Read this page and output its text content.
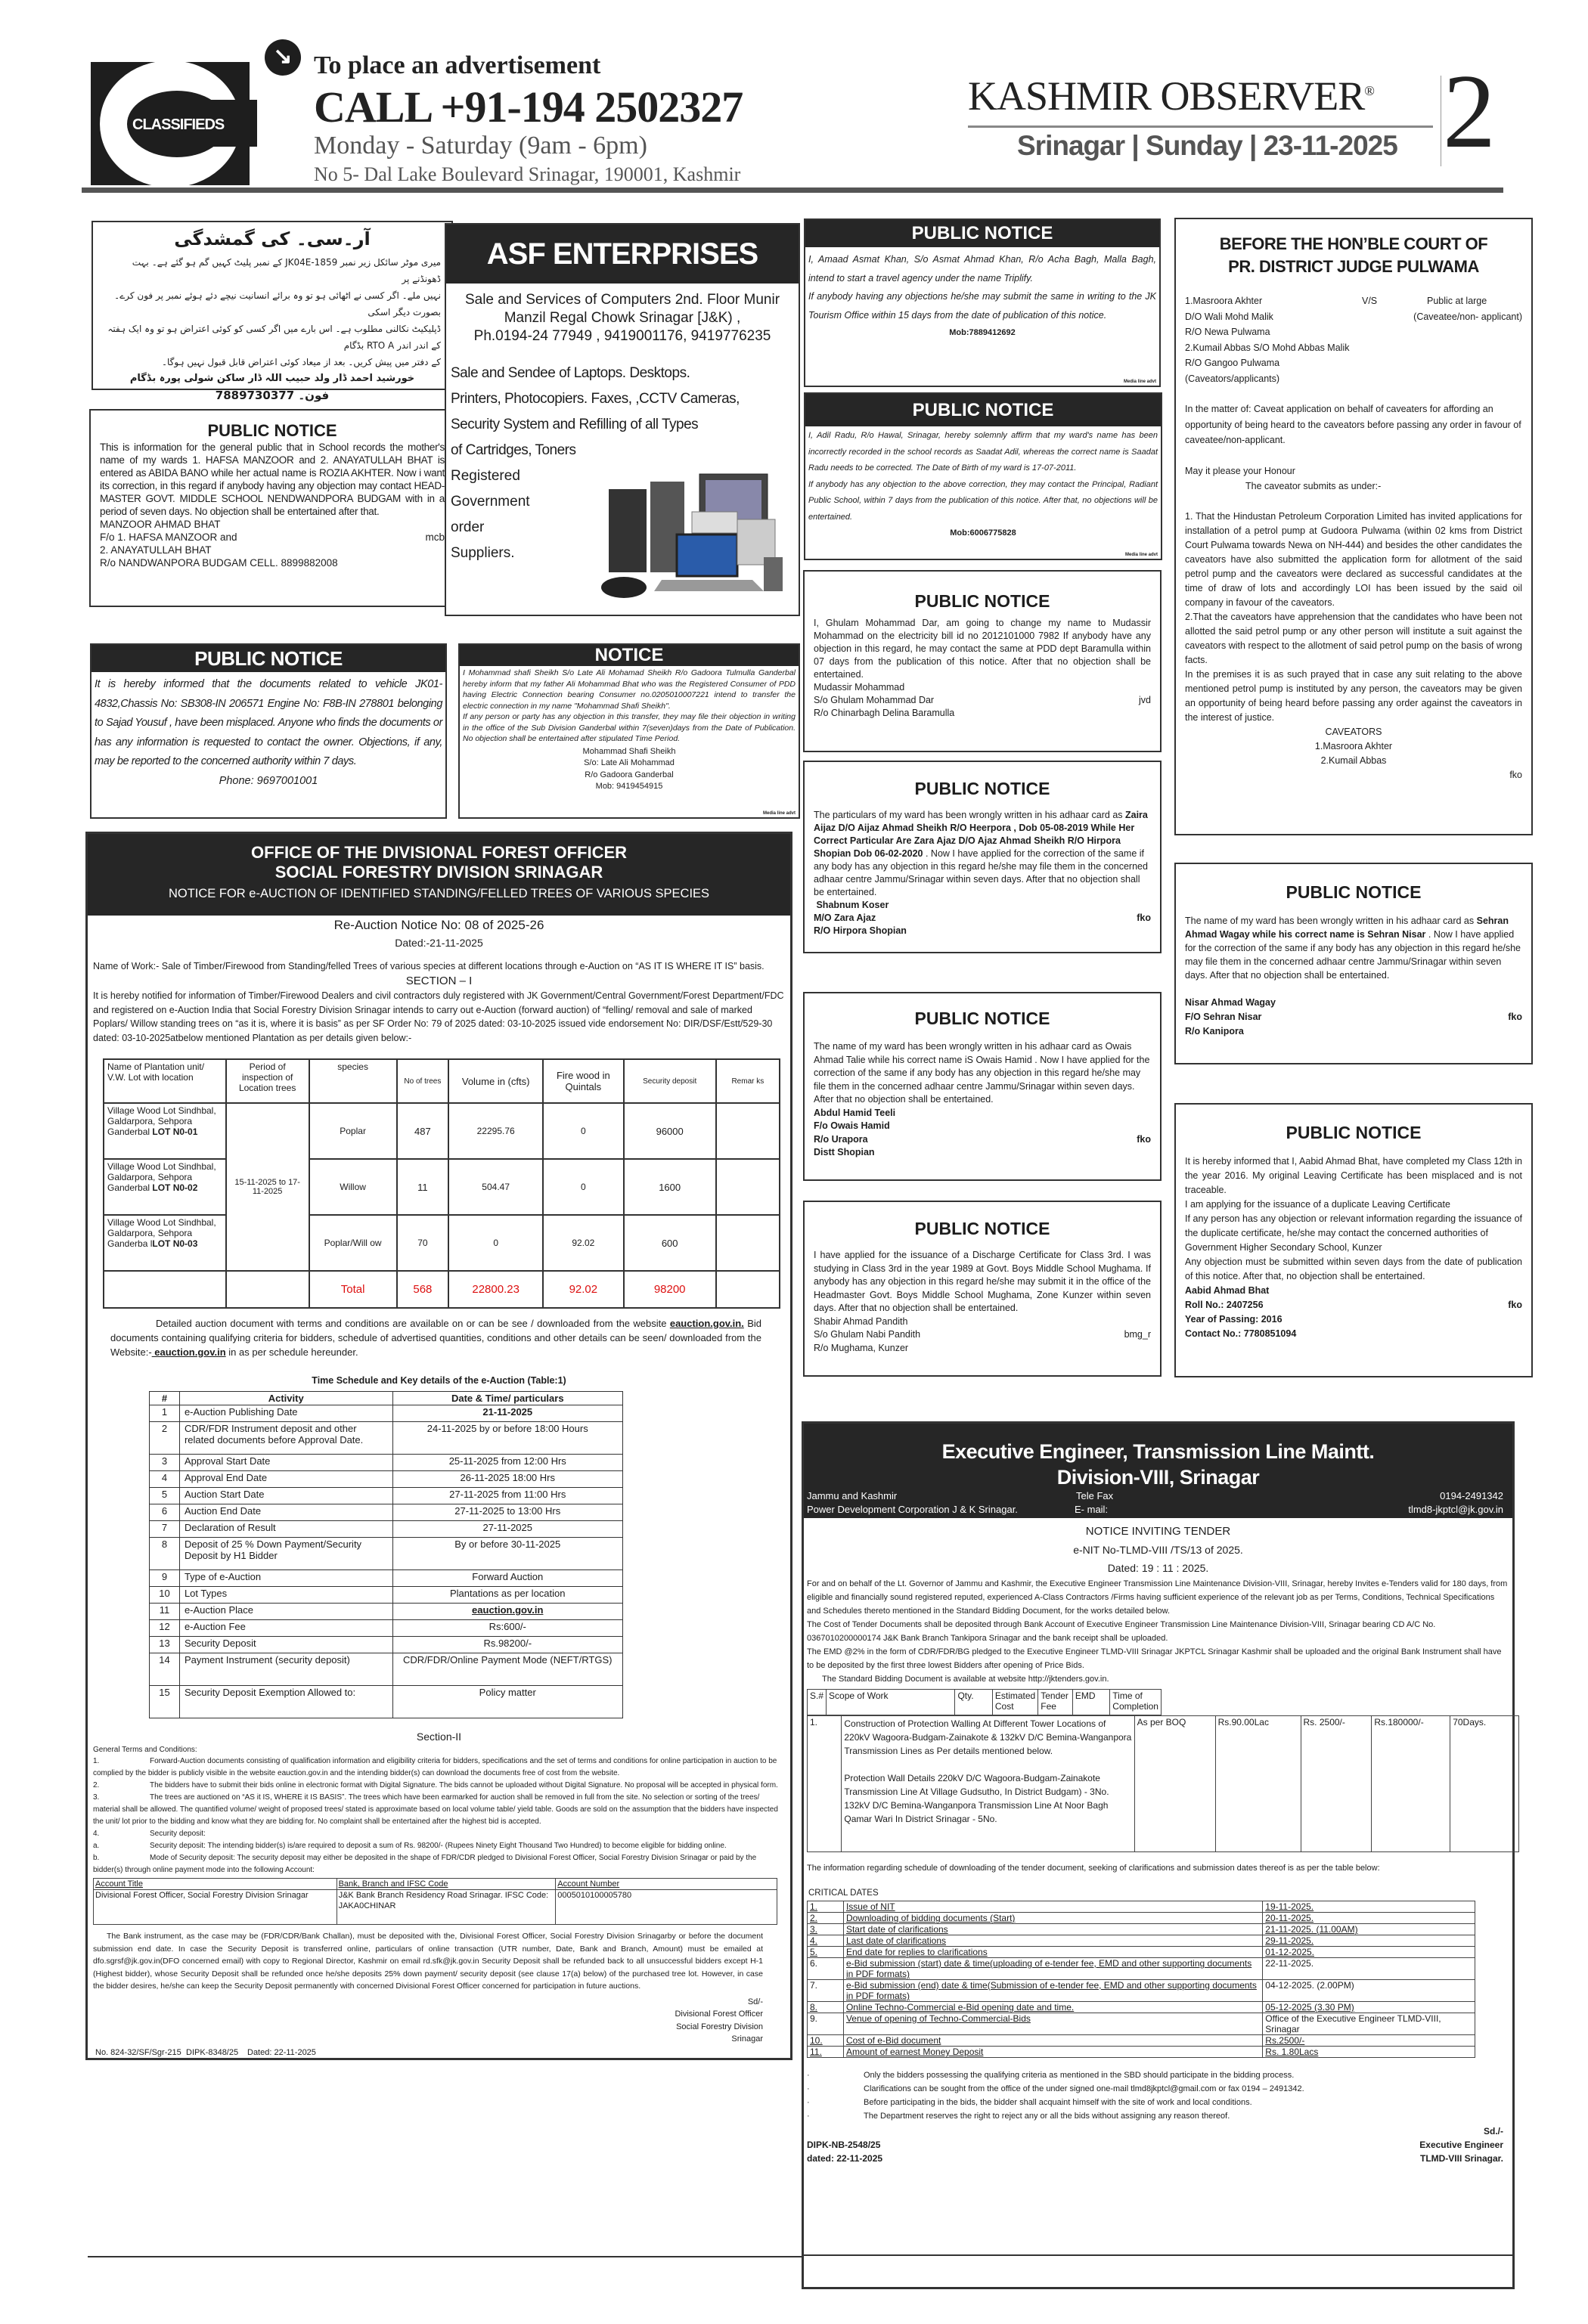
CLASSIFIEDS
↘ To place an advertisement
CALL +91-194 2502327
Monday - Saturday (9am - 6pm)
No 5- Dal Lake Boulevard Srinagar, 190001, Kashmir
KASHMIR OBSERVER®
Srinagar | Sunday | 23-11-2025 2
آر۔سی۔ کی گمشدگی
میری موٹر سائکل زیر نمبر JK04E-1859 کے نمبر پلیٹ کہیں گم ہو گئے ہے۔ بہت ڈھونڈنے پر
نہیں ملے۔ اگر کسی نے اٹھائی ہو تو وہ برائے انسانیت نیچے دئے ہوئے نمبر پر فون کرے۔ بصورت دیگر اسکی
ڈپلیکیٹ نکالنی مطلوب ہے۔ اس بارے میں اگر کسی کو کوئی اعتراض ہو تو وہ ایک ہفتہ کے اندر اندر RTO A بڈگام
کے دفتر میں پیش کریں۔ بعد از میعاد کوئی اعتراض قابل قبول نہیں ہوگا۔
خورشید احمد ڈار ولد حبیب اللہ ڈار ساکن شولی پورہ بڈگام
فون۔ 7889730377
PUBLIC NOTICE
This is information for the general public that in School records the mother's name of my wards 1. HAFSA MANZOOR and 2. ANAYATULLAH BHAT is entered as ABIDA BANO while her actual name is ROZIA AKHTER. Now i want its correction, in this regard if anybody having any objection may contact HEAD-MASTER GOVT. MIDDLE SCHOOL NENDWANDPORA BUDGAM with in a period of seven days. No objection shall be entertained after that.
MANZOOR AHMAD BHAT
F/o 1. HAFSA MANZOOR and	mcb
2. ANAYATULLAH BHAT
R/o NANDWANPORA BUDGAM CELL. 8899882008
ASF ENTERPRISES
Sale and Services of Computers 2nd. Floor Munir Manzil Regal Chowk Srinagar [J&K) ,
Ph.0194-24 77949 , 9419001176, 9419776235
Sale and Sendee of Laptops. Desktops.
Printers, Photocopiers. Faxes, ,CCTV Cameras,
Security System and Refilling of all Types
of Cartridges, Toners
Registered
Government
order
Suppliers.
PUBLIC NOTICE
It is hereby informed that the documents related to vehicle JK01-4832,Chassis No: SB308-IN 206571 Engine No: F8B-IN 278801 belonging to Sajad Yousuf , have been misplaced. Anyone who finds the documents or has any information is requested to contact the owner. Objections, if any, may be reported to the concerned authority within 7 days.
Phone: 9697001001
NOTICE
I Mohammad shafi Sheikh S/o Late Ali Mohamad Sheikh R/o Gadoora Tulmulla Ganderbal hereby inform that my father Ali Mohammad Bhat who was the Registered Consumer of PDD having Electric Connection bearing Consumer no.0205010007221 intend to transfer the electric connection in my name "Mohammad Shafi Sheikh".
If any person or party has any objection in this transfer, they may file their objection in writing in the office of the Sub Division Ganderbal within 7(seven)days from the Date of Publication. No objection shall be entertained after stipulated Time Period.
Mohammad Shafi Sheikh
S/o: Late Ali Mohammad
R/o Gadoora Ganderbal
Mob: 9419454915
Media line advt
OFFICE OF THE DIVISIONAL FOREST OFFICER
SOCIAL FORESTRY DIVISION SRINAGAR
NOTICE FOR e-AUCTION OF IDENTIFIED STANDING/FELLED TREES OF VARIOUS SPECIES
Re-Auction Notice No: 08 of 2025-26
Dated:-21-11-2025
Name of Work:- Sale of Timber/Firewood from Standing/felled Trees of various species at different locations through e-Auction on “AS IT IS WHERE IT IS” basis.
SECTION – I
It is hereby notified for information of Timber/Firewood Dealers and civil contractors duly registered with JK Government/Central Government/Forest Department/FDC and registered on e-Auction India that Social Forestry Division Srinagar intends to carry out e-Auction (forward auction) of “felling/ removal and sale of marked Poplars/ Willow standing trees on “as it is, where it is basis” as per SF Order No: 79 of 2025 dated: 03-10-2025 issued vide endorsement No: DIR/DSF/Estt/529-30 dated: 03-10-2025atbelow mentioned Plantation as per details given below:-
Name of Plantation unit/ V.W. Lot with location	Period of inspection of Location trees	species	No of trees	Volume in (cfts)	Fire wood in Quintals	Security deposit	Remar ks
Village Wood Lot Sindhbal, Galdarpora, Sehpora Ganderbal LOT N0-01	15-11-2025 to 17-11-2025	Poplar	487	22295.76	0	96000	
Village Wood Lot Sindhbal, Galdarpora, Sehpora Ganderbal LOT N0-02	Willow	11	504.47	0	1600	
Village Wood Lot Sindhbal, Galdarpora, Sehpora Ganderba lLOT N0-03	Poplar/Will ow	70	0	92.02	600	
		Total	568	22800.23	92.02	98200	
Detailed auction document with terms and conditions are available on or can be see / downloaded from the website eauction.gov.in. Bid documents containing qualifying criteria for bidders, schedule of advertised quantities, conditions and other details can be seen/ downloaded from the Website:- eauction.gov.in in as per schedule hereunder.
Time Schedule and Key details of the e-Auction (Table:1)
#	Activity	Date & Time/ particulars
1	e-Auction Publishing Date	21-11-2025
2	CDR/FDR Instrument deposit and other related documents before Approval Date.	24-11-2025 by or before 18:00 Hours
3	Approval Start Date	25-11-2025 from 12:00 Hrs
4	Approval End Date	26-11-2025 18:00 Hrs
5	Auction Start Date	27-11-2025 from 11:00 Hrs
6	Auction End Date	27-11-2025 to 13:00 Hrs
7	Declaration of Result	27-11-2025
8	Deposit of 25 % Down Payment/Security Deposit by H1 Bidder	By or before 30-11-2025
9	Type of e-Auction	Forward Auction
10	Lot Types	Plantations as per location
11	e-Auction Place	eauction.gov.in
12	e-Auction Fee	Rs:600/-
13	Security Deposit	Rs.98200/-
14	Payment Instrument (security deposit)	CDR/FDR/Online Payment Mode (NEFT/RTGS)
15	Security Deposit Exemption Allowed to:	Policy matter
Section-II
General Terms and Conditions:
1.	Forward-Auction documents consisting of qualification information and eligibility criteria for bidders, specifications and the set of terms and conditions for online participation in auction to be complied by the bidder is publicly visible in the website eauction.gov.in and the intending bidder(s) can download the documents free of cost from the website.
2.	The bidders have to submit their bids online in electronic format with Digital Signature. The bids cannot be uploaded without Digital Signature. No proposal will be accepted in physical form.
3.	The trees are auctioned on “AS it IS, WHERE it IS BASIS”. The trees which have been earmarked for auction shall be removed in full from the site. No selection or sorting of the trees/ material shall be allowed. The quantified volume/ weight of proposed trees/ stated is approximate based on local volume table/ yield table. Goods are sold on the assumption that the bidders have inspected the unit/ lot prior to the bidding and know what they are bidding for. No complaint shall be entertained after the highest bid is accepted.
4.	Security deposit:
a.	Security deposit: The intending bidder(s) is/are required to deposit a sum of Rs. 98200/- (Rupees Ninety Eight Thousand Two Hundred) to become eligible for bidding online.
b.	Mode of Security deposit: The security deposit may either be deposited in the shape of FDR/CDR pledged to Divisional Forest Officer, Social Forestry Division Srinagar or paid by the bidder(s) through online payment mode into the following Account:
Account Title	Bank, Branch and IFSC Code	Account Number
Divisional Forest Officer, Social Forestry Division Srinagar	J&K Bank Branch Residency Road Srinagar. IFSC Code: JAKA0CHINAR	0005010100005780
The Bank instrument, as the case may be (FDR/CDR/Bank Challan), must be deposited with the, Divisional Forest Officer, Social Forestry Division Srinagarby or before the document submission end date. In case the Security Deposit is transferred online, particulars of online transaction (UTR number, Date, Bank and Branch, Amount) must be emailed at dfo.sgrsf@jk.gov.in(DFO concerned email) with copy to Regional Director, Kashmir on email rd.sfk@jk.gov.in Security Deposit shall be refunded back to all unsuccessful bidders except H-1 (Highest bidder), whose Security Deposit shall be refunded once he/she deposits 25% down payment/ security deposit (see clause 17(a) below) of the purchased tree lot. However, in case the bidder desires, he/she can keep the Security Deposit permanently with concerned Divisional Forest Officer concerned for participation in future auctions.
Sd/-
Divisional Forest Officer
Social Forestry Division
Srinagar
No. 824-32/SF/Sgr-215 DIPK-8348/25 Dated: 22-11-2025
PUBLIC NOTICE
I, Amaad Asmat Khan, S/o Asmat Ahmad Khan, R/o Acha Bagh, Malla Bagh, intend to start a travel agency under the name Triplify.
If anybody having any objections he/she may submit the same in writing to the JK Tourism Office within 15 days from the date of publication of this notice.
Mob:7889412692
Media line advt
PUBLIC NOTICE
I, Adil Radu, R/o Hawal, Srinagar, hereby solemnly affirm that my ward's name has been incorrectly recorded in the school records as Saadat Adil, whereas the correct name is Saadat Radu needs to be corrected. The Date of Birth of my ward is 17-07-2011.
If anybody has any objection to the above correction, they may contact the Principal, Radiant Public School, within 7 days from the publication of this notice. After that, no objections will be entertained.
Mob:6006775828
Media line advt
PUBLIC NOTICE
I, Ghulam Mohammad Dar, am going to change my name to Mudassir Mohammad on the electricity bill id no 2012101000 7982 If anybody have any objection in this regard, he may contact the same at PDD dept Baramulla within 07 days from the publication of this notice. After that no objection shall be entertained.
Mudassir Mohammad
S/o Ghulam Mohammad Dar	jvd
R/o Chinarbagh Delina Baramulla
PUBLIC NOTICE
The particulars of my ward has been wrongly written in his adhaar card as Zaira Aijaz D/O Aijaz Ahmad Sheikh R/O Heerpora , Dob 05-08-2019 While Her Correct Particular Are Zara Ajaz D/O Ajaz Ahmad Sheikh R/O Hirpora Shopian Dob 06-02-2020 . Now I have applied for the correction of the same if any body has any objection in this regard he/she may file them in the concerned adhaar centre Jammu/Srinagar within seven days. After that no objection shall be entertained.
Shabnum Koser
M/O Zara Ajaz	fko
R/O Hirpora Shopian
PUBLIC NOTICE
The name of my ward has been wrongly written in his adhaar card as Owais Ahmad Talie while his correct name iS Owais Hamid . Now I have applied for the correction of the same if any body has any objection in this regard he/she may file them in the concerned adhaar centre Jammu/Srinagar within seven days. After that no objection shall be entertained.
Abdul Hamid Teeli
F/o Owais Hamid
R/o Urapora	fko
Distt Shopian
PUBLIC NOTICE
I have applied for the issuance of a Discharge Certificate for Class 3rd. I was studying in Class 3rd in the year 1989 at Govt. Boys Middle School Mughama. If anybody has any objection in this regard he/she may submit it in the office of the Headmaster Govt. Boys Middle School Mughama, Zone Kunzer within seven days. After that no objection shall be entertained.
Shabir Ahmad Pandith
S/o Ghulam Nabi Pandith	bmg_r
R/o Mughama, Kunzer
BEFORE THE HON’BLE COURT OF
PR. DISTRICT JUDGE PULWAMA
1.Masroora Akhter	V/S	Public at large
D/O Wali Mohd Malik	(Caveatee/non- applicant)
R/O Newa Pulwama
2.Kumail Abbas S/O Mohd Abbas Malik
R/O Gangoo Pulwama
(Caveators/applicants)
In the matter of: Caveat application on behalf of caveaters for affording an opportunity of being heard to the caveators before passing any order in favour of caveatee/non-applicant.
May it please your Honour
The caveator submits as under:-
1. That the Hindustan Petroleum Corporation Limited has invited applications for installation of a petrol pump at Gudoora Pulwama (within 02 kms from District Court Pulwama towards Newa on NH-444) and besides the other candidates the caveators have also submitted the application form for allotment of the said petrol pump and the caveators were declared as successful candidates at the time of draw of lots and accordingly LOI has been issued by the said oil company in favour of the caveators.
2.That the caveators have apprehension that the candidates who have been not allotted the said petrol pump or any other person will institute a suit against the caveators with respect to the allotment of said petrol pump on the basis of wrong facts.
In the premises it is as such prayed that in case any suit relating to the above mentioned petrol pump is instituted by any person, the caveators may be given an opportunity of being heard before passing any order against the caveators in the interest of justice.
CAVEATORS
1.Masroora Akhter
2.Kumail Abbas
fko
PUBLIC NOTICE
The name of my ward has been wrongly written in his adhaar card as Sehran Ahmad Wagay while his correct name is Sehran Nisar . Now I have applied for the correction of the same if any body has any objection in this regard he/she may file them in the concerned adhaar centre Jammu/Srinagar within seven days. After that no objection shall be entertained.
Nisar Ahmad Wagay
F/O Sehran Nisar	fko
R/o Kanipora
PUBLIC NOTICE
It is hereby informed that I, Aabid Ahmad Bhat, have completed my Class 12th in the year 2016. My original Leaving Certificate has been misplaced and is not traceable.
I am applying for the issuance of a duplicate Leaving Certificate
If any person has any objection or relevant information regarding the issuance of the duplicate certificate, he/she may contact the concerned authorities of
Government Higher Secondary School, Kunzer
Any objection must be submitted within seven days from the date of publication of this notice. After that, no objection shall be entertained.
Aabid Ahmad Bhat
Roll No.: 2407256	fko
Year of Passing: 2016
Contact No.: 7780851094
Executive Engineer, Transmission Line Maintt.
Division-VIII, Srinagar
Jammu and Kashmir
Power Development Corporation J & K Srinagar.
Tele Fax	0194-2491342
E- mail:	tlmd8-jkptcl@jk.gov.in
NOTICE INVITING TENDER
e-NIT No-TLMD-VIII /TS/13 of 2025.
Dated: 19 : 11 : 2025.
For and on behalf of the Lt. Governor of Jammu and Kashmir, the Executive Engineer Transmission Line Maintenance Division-VIII, Srinagar, hereby Invites e-Tenders valid for 180 days, from eligible and financially sound registered reputed, experienced A-Class Contractors /Firms having sufficient experience of the relevant job as per Terms, Conditions, Technical Specifications and Schedules thereto mentioned in the Standard Bidding Document, for the works detailed below.
The Cost of Tender Documents shall be deposited through Bank Account of Executive Engineer Transmission Line Maintenance Division-VIII, Srinagar bearing CD A/C No. 0367010200000174 J&K Bank Branch Tankipora Srinagar and the bank receipt shall be uploaded.
The EMD @2% in the form of CDR/FDR/BG pledged to the Executive Engineer TLMD-VIII Srinagar JKPTCL Srinagar Kashmir shall be uploaded and the original Bank Instrument shall have to be deposited by the first three lowest Bidders after opening of Price Bids.
The Standard Bidding Document is available at website http://jktenders.gov.in.
S.#	Scope of Work	Qty.	Estimated Cost	Tender Fee	EMD	Time of Completion
1.	Construction of Protection Walling At Different Tower Locations of 220kV Wagoora-Budgam-Zainakote & 132kV D/C Bemina-Wanganpora Transmission Lines as Per details mentioned below.

Protection Wall Details 220kV D/C Wagoora-Budgam-Zainakote Transmission Line At Village Gudsutho, In District Budgam) - 3No.
132kV D/C Bemina-Wanganpora Transmission Line At Noor Bagh Qamar Wari In District Srinagar - 5No.
	As per BOQ	Rs.90.00Lac	Rs. 2500/-	Rs.180000/-	70Days.
The information regarding schedule of downloading of the tender document, seeking of clarifications and submission dates thereof is as per the table below:
CRITICAL DATES
1.	Issue of NIT	19-11-2025.
2.	Downloading of bidding documents (Start)	20-11-2025.
3.	Start date of clarifications	21-11-2025. (11.00AM)
4.	Last date of clarifications	29-11-2025.
5.	End date for replies to clarifications	01-12-2025.
6.	e-Bid submission (start) date & time(uploading of e-tender fee, EMD and other supporting documents in PDF formats)	22-11-2025.
7.	e-Bid submission (end) date & time(Submission of e-tender fee, EMD and other supporting documents in PDF formats)	04-12-2025. (2.00PM)
8.	Online Techno-Commercial e-Bid opening date and time.	05-12-2025 (3.30 PM)
9.	Venue of opening of Techno-Commercial-Bids	Office of the Executive Engineer TLMD-VIII, Srinagar
10.	Cost of e-Bid document	Rs.2500/-
11.	Amount of earnest Money Deposit	Rs. 1.80Lacs
·	Only the bidders possessing the qualifying criteria as mentioned in the SBD should participate in the bidding process.
·	Clarifications can be sought from the office of the under signed one-mail tlmd8jkptcl@gmail.com or fax 0194 – 2491342.
·	Before participating in the bids, the bidder shall acquaint himself with the site of work and local conditions.
·	The Department reserves the right to reject any or all the bids without assigning any reason thereof.
DIPK-NB-2548/25
dated: 22-11-2025
Sd./-
Executive Engineer
TLMD-VIII Srinagar.
